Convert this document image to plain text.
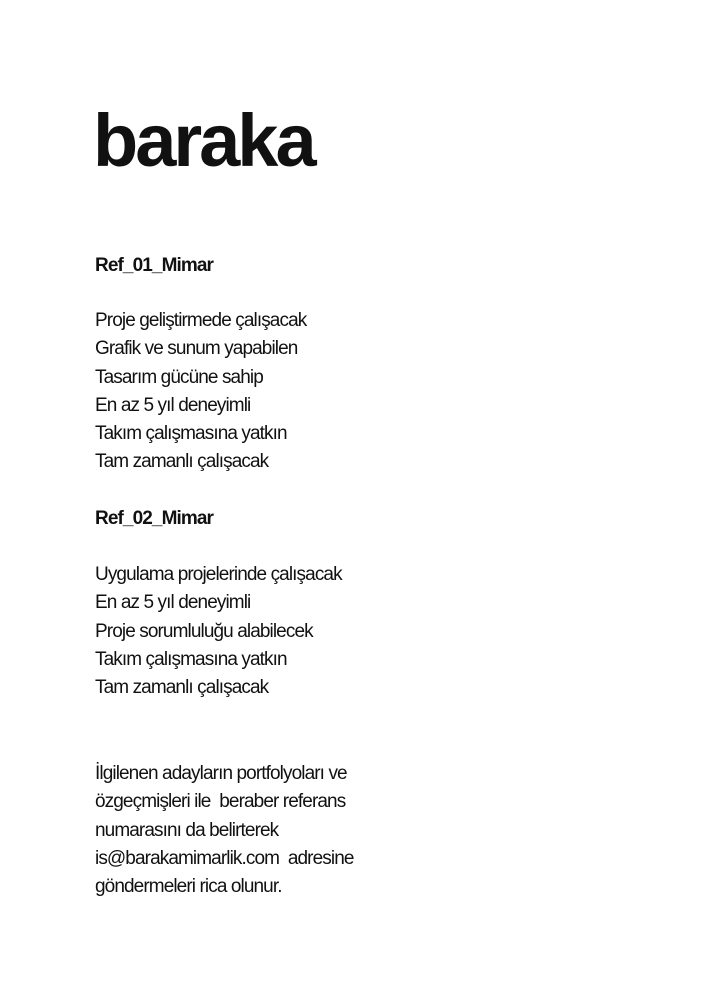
baraka
Ref_01_Mimar
Proje geliştirmede çalışacak
Grafik ve sunum yapabilen
Tasarım gücüne sahip
En az 5 yıl deneyimli
Takım çalışmasına yatkın
Tam zamanlı çalışacak
Ref_02_Mimar
Uygulama projelerinde çalışacak
En az 5 yıl deneyimli
Proje sorumluluğu alabilecek
Takım çalışmasına yatkın
Tam zamanlı çalışacak
İlgilenen adayların portfolyoları ve
özgeçmişleri ile  beraber referans
numarasını da belirterek
is@barakamimarlik.com  adresine
göndermeleri rica olunur.
